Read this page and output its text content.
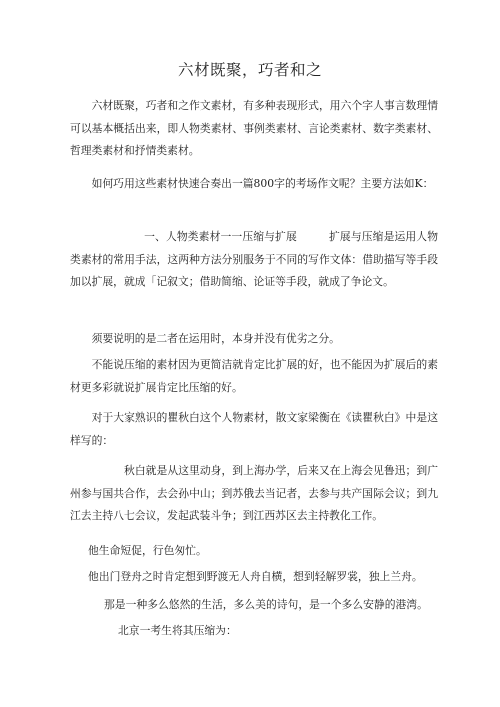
六材既聚，巧者和之
六材既聚，巧者和之作文素材，有多种表现形式，用六个字人事言数理情可以基本概括出来，即人物类素材、事例类素材、言论类素材、数字类素材、哲理类素材和抒情类素材。
如何巧用这些素材快速合奏出一篇800字的考场作文呢？主要方法如K：
一、人物类素材一一压缩与扩展	扩展与压缩是运用人物类素材的常用手法，这两种方法分别服务于不同的写作文体：借助描写等手段加以扩展，就成「记叙文；借助简缩、论证等手段，就成了争论文。
须要说明的是二者在运用时，本身并没有优劣之分。
不能说压缩的素材因为更简洁就肯定比扩展的好，也不能因为扩展后的素材更多彩就说扩展肯定比压缩的好。
对于大家熟识的瞿秋白这个人物素材，散文家梁衡在《读瞿秋白》中是这样写的：
秋白就是从这里动身，到上海办学，后来又在上海会见鲁迅；到广州参与国共合作，去会孙中山；到苏俄去当记者，去参与共产国际会议；到九江去主持八七会议，发起武装斗争；到江西苏区去主持教化工作。
他生命短促，行色匆忙。
他出门登舟之时肯定想到野渡无人舟自横，想到轻解罗裳，独上兰舟。
那是一种多么悠然的生活，多么美的诗句，是一个多么安静的港湾。
北京一考生将其压缩为：
